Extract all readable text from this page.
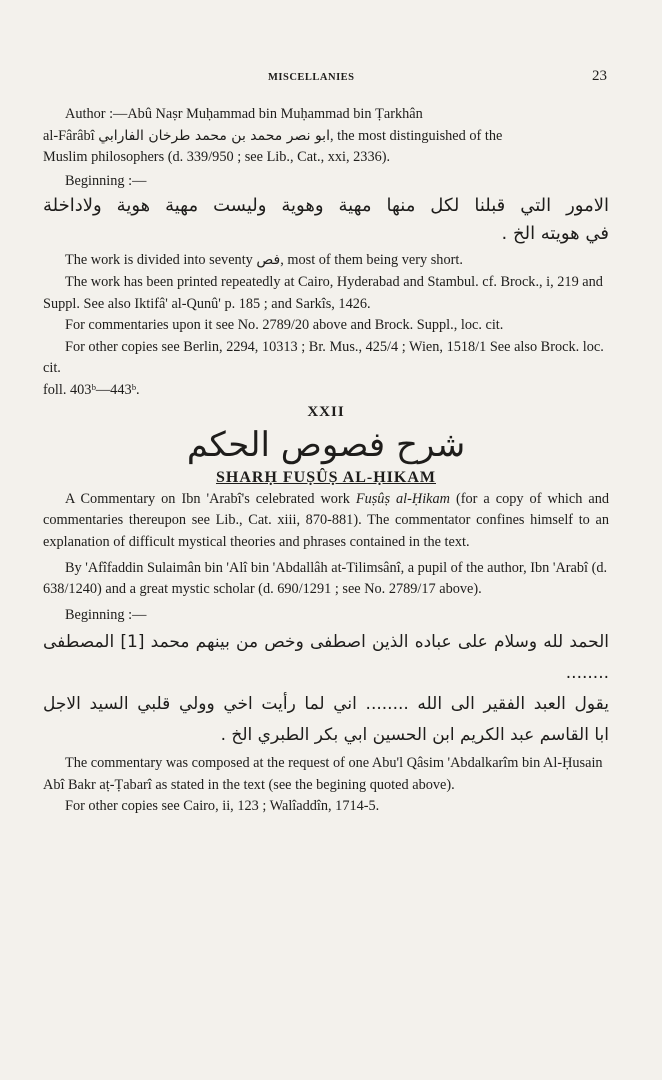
MISCELLANIES	23

Author :—Abû Naṣr Muḥammad bin Muḥammad bin Ṭarkhân

al-Fârâbî ابو نصر محمد بن محمد طرخان الفارابي, the most distinguished of the

Muslim philosophers (d. 339/950 ; see Lib., Cat., xxi, 2336).

Beginning :—

الامور التي قبلنا لكل منها مهية وهوية وليست مهية هوية ولاداخلة

في هويته الخ .

The work is divided into seventy فص, most of them being very short.

The work has been printed repeatedly at Cairo, Hyderabad and Stambul. cf. Brock., i, 219 and Suppl. See also Iktifâ' al-Qunû' p. 185 ; and Sarkîs, 1426.

For commentaries upon it see No. 2789/20 above and Brock. Suppl., loc. cit.

For other copies see Berlin, 2294, 10313 ; Br. Mus., 425/4 ; Wien, 1518/1 See also Brock. loc. cit.

foll. 403ᵇ—443ᵇ.

XXII

شرح فصوص الحكم

SHARḤ FUṢÛṢ AL-ḤIKAM

A Commentary on Ibn 'Arabî's celebrated work Fuṣûṣ al-Ḥikam (for a copy of which and commentaries thereupon see Lib., Cat. xiii, 870-881). The commentator confines himself to an explanation of difficult mystical theories and phrases contained in the text.

By 'Afîfaddin Sulaimân bin 'Alî bin 'Abdallâh at-Tilimsânî, a pupil of the author, Ibn 'Arabî (d. 638/1240) and a great mystic scholar (d. 690/1291 ; see No. 2789/17 above).

Beginning :—

الحمد لله وسلام على عباده الذين اصطفى وخص من بينهم محمد [1] المصطفى ........

يقول العبد الفقير الى الله ........ اني لما رأيت اخي وولي قلبي السيد الاجل

ابا القاسم عبد الكريم ابن الحسين ابي بكر الطبري الخ .

The commentary was composed at the request of one Abu'l Qâsim 'Abdalkarîm bin Al-Ḥusain Abî Bakr aṭ-Ṭabarî as stated in the text (see the begining quoted above).

For other copies see Cairo, ii, 123 ; Walîaddîn, 1714-5.
